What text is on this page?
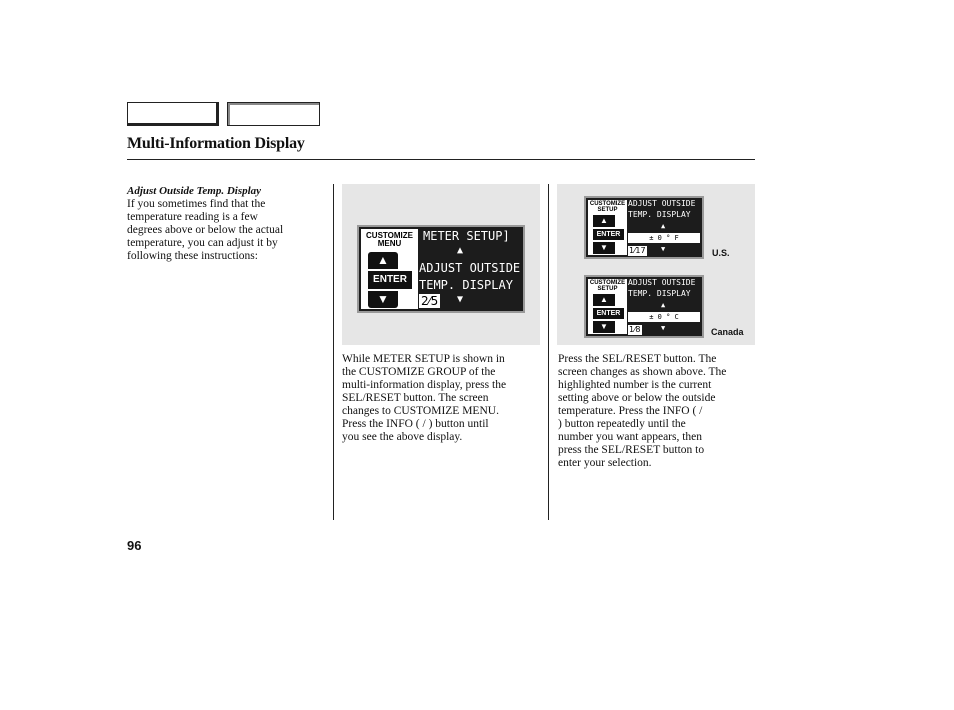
Multi-Information Display
Adjust Outside Temp. Display
If you sometimes find that the
temperature reading is a few
degrees above or below the actual
temperature, you can adjust it by
following these instructions:
CUSTOMIZE
MENU
▲
ENTER
▼
METER SETUP]
▲
ADJUST OUTSIDE
TEMP. DISPLAY
▼
2⁄5
While METER SETUP is shown in
the CUSTOMIZE GROUP of the
multi-information display, press the
SEL/RESET button. The screen
changes to CUSTOMIZE MENU.
Press the INFO ( / ) button until
you see the above display.
CUSTOMIZE
SETUP
▲
ENTER
▼
ADJUST OUTSIDE
TEMP. DISPLAY
▲
± 0 ° F
1⁄17 ▼	U.S.
CUSTOMIZE
SETUP
▲
ENTER
▼
ADJUST OUTSIDE
TEMP. DISPLAY
▲
± 0 ° C
1⁄8	▼	Canada
Press the SEL/RESET button. The
screen changes as shown above. The
highlighted number is the current
setting above or below the outside
temperature. Press the INFO ( /
) button repeatedly until the
number you want appears, then
press the SEL/RESET button to
enter your selection.
96
